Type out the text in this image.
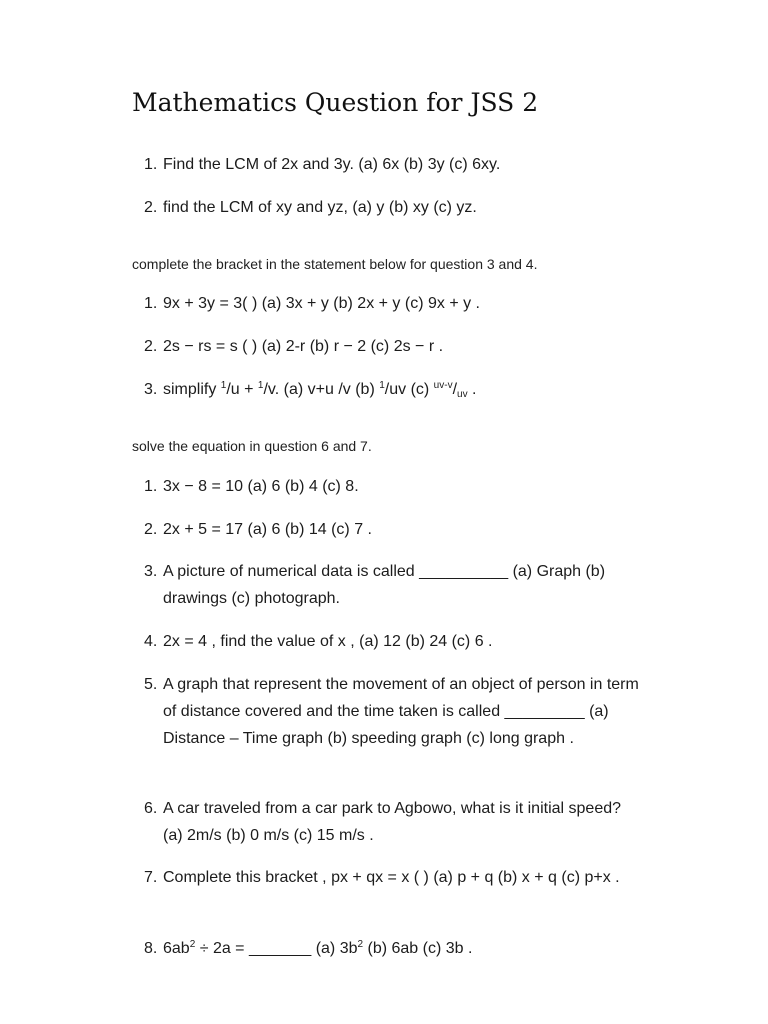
Mathematics Question for JSS 2
1. Find the LCM of 2x and 3y. (a) 6x (b) 3y (c) 6xy.
2. find the LCM of xy and yz, (a) y (b) xy (c) yz.
complete the bracket in the statement below for question 3 and 4.
1. 9x + 3y = 3( ) (a) 3x + y (b) 2x + y (c) 9x + y .
2. 2s − rs = s ( ) (a) 2-r (b) r − 2 (c) 2s − r .
3. simplify $^1$/u + $^1$/v. (a) v+u /v (b) $^1$/uv (c) $^{uv-v}/_{uv}$ .
solve the equation in question 6 and 7.
1. 3x − 8 = 10 (a) 6 (b) 4 (c) 8.
2. 2x + 5 = 17 (a) 6 (b) 14 (c) 7 .
3. A picture of numerical data is called __________ (a) Graph (b) drawings (c) photograph.
4. 2x = 4 , find the value of x , (a) 12 (b) 24 (c) 6 .
5. A graph that represent the movement of an object of person in term of distance covered and the time taken is called _________ (a) Distance – Time graph (b) speeding graph (c) long graph .
6. A car traveled from a car park to Agbowo, what is it initial speed? (a) 2m/s (b) 0 m/s (c) 15 m/s .
7. Complete this bracket , px + qx = x ( ) (a) p + q (b) x + q (c) p+x .
8. $6ab^2 \div 2a$ = _______ (a) $3b^2$ (b) 6ab (c) 3b .
